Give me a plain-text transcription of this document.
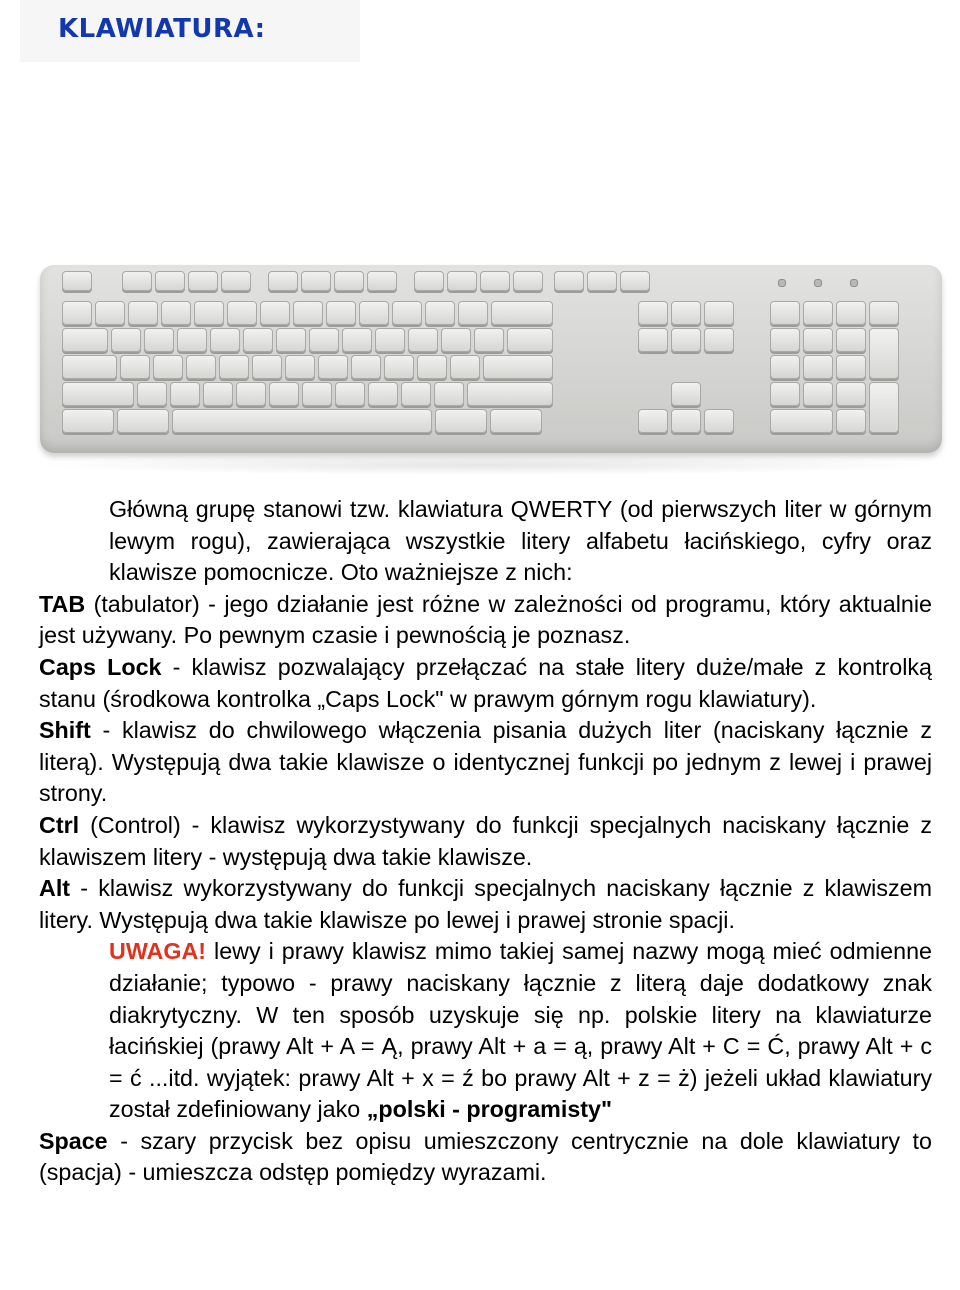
KLAWIATURA:

Główną grupę stanowi tzw. klawiatura QWERTY (od pierwszych liter w górnym lewym rogu), zawierająca wszystkie litery alfabetu łacińskiego, cyfry oraz klawisze pomocnicze. Oto ważniejsze z nich:

TAB (tabulator) - jego działanie jest różne w zależności od programu, który aktualnie jest używany. Po pewnym czasie i pewnością je poznasz.

Caps Lock - klawisz pozwalający przełączać na stałe litery duże/małe z kontrolką stanu (środkowa kontrolka „Caps Lock" w prawym górnym rogu klawiatury).

Shift - klawisz do chwilowego włączenia pisania dużych liter (naciskany łącznie z literą). Występują dwa takie klawisze o identycznej funkcji po jednym z lewej i prawej strony.

Ctrl (Control) - klawisz wykorzystywany do funkcji specjalnych naciskany łącznie z klawiszem litery - występują dwa takie klawisze.

Alt - klawisz wykorzystywany do funkcji specjalnych naciskany łącznie z klawiszem litery. Występują dwa takie klawisze po lewej i prawej stronie spacji.

UWAGA! lewy i prawy klawisz mimo takiej samej nazwy mogą mieć odmienne działanie; typowo - prawy naciskany łącznie z literą daje dodatkowy znak diakrytyczny. W ten sposób uzyskuje się np. polskie litery na klawiaturze łacińskiej (prawy Alt + A = Ą, prawy Alt + a = ą, prawy Alt + C = Ć, prawy Alt + c = ć ...itd. wyjątek: prawy Alt + x = ź bo prawy Alt + z = ż) jeżeli układ klawiatury został zdefiniowany jako „polski - programisty"

Space - szary przycisk bez opisu umieszczony centrycznie na dole klawiatury to (spacja) - umieszcza odstęp pomiędzy wyrazami.
